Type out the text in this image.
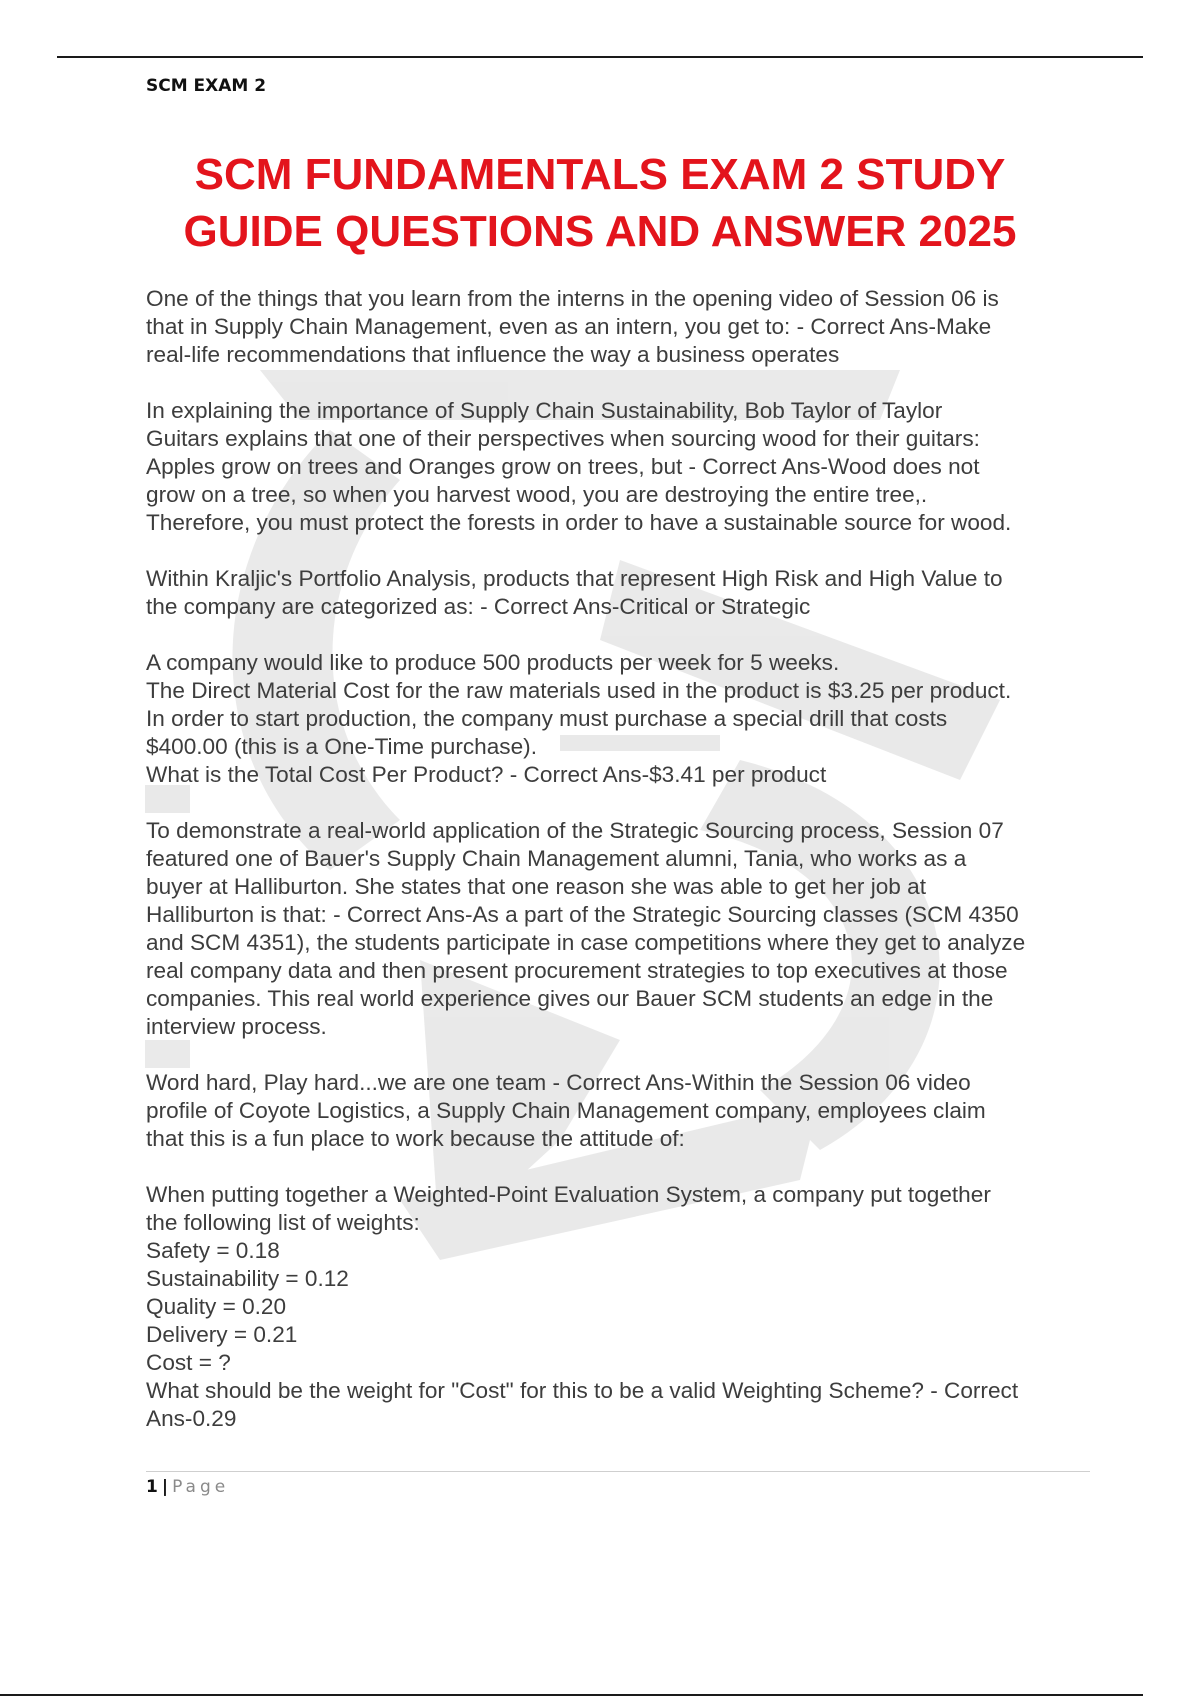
SCM EXAM 2
SCM FUNDAMENTALS EXAM 2 STUDY
GUIDE QUESTIONS AND ANSWER 2025
One of the things that you learn from the interns in the opening video of Session 06 is
that in Supply Chain Management, even as an intern, you get to: - Correct Ans-Make
real-life recommendations that influence the way a business operates
In explaining the importance of Supply Chain Sustainability, Bob Taylor of Taylor
Guitars explains that one of their perspectives when sourcing wood for their guitars:
Apples grow on trees and Oranges grow on trees, but - Correct Ans-Wood does not
grow on a tree, so when you harvest wood, you are destroying the entire tree,.
Therefore, you must protect the forests in order to have a sustainable source for wood.
Within Kraljic's Portfolio Analysis, products that represent High Risk and High Value to
the company are categorized as: - Correct Ans-Critical or Strategic
A company would like to produce 500 products per week for 5 weeks.
The Direct Material Cost for the raw materials used in the product is $3.25 per product.
In order to start production, the company must purchase a special drill that costs
$400.00 (this is a One-Time purchase).
What is the Total Cost Per Product? - Correct Ans-$3.41 per product
To demonstrate a real-world application of the Strategic Sourcing process, Session 07
featured one of Bauer's Supply Chain Management alumni, Tania, who works as a
buyer at Halliburton. She states that one reason she was able to get her job at
Halliburton is that: - Correct Ans-As a part of the Strategic Sourcing classes (SCM 4350
and SCM 4351), the students participate in case competitions where they get to analyze
real company data and then present procurement strategies to top executives at those
companies. This real world experience gives our Bauer SCM students an edge in the
interview process.
Word hard, Play hard...we are one team - Correct Ans-Within the Session 06 video
profile of Coyote Logistics, a Supply Chain Management company, employees claim
that this is a fun place to work because the attitude of:
When putting together a Weighted-Point Evaluation System, a company put together
the following list of weights:
Safety = 0.18
Sustainability = 0.12
Quality = 0.20
Delivery = 0.21
Cost = ?
What should be the weight for "Cost" for this to be a valid Weighting Scheme? - Correct
Ans-0.29
1 | Page
